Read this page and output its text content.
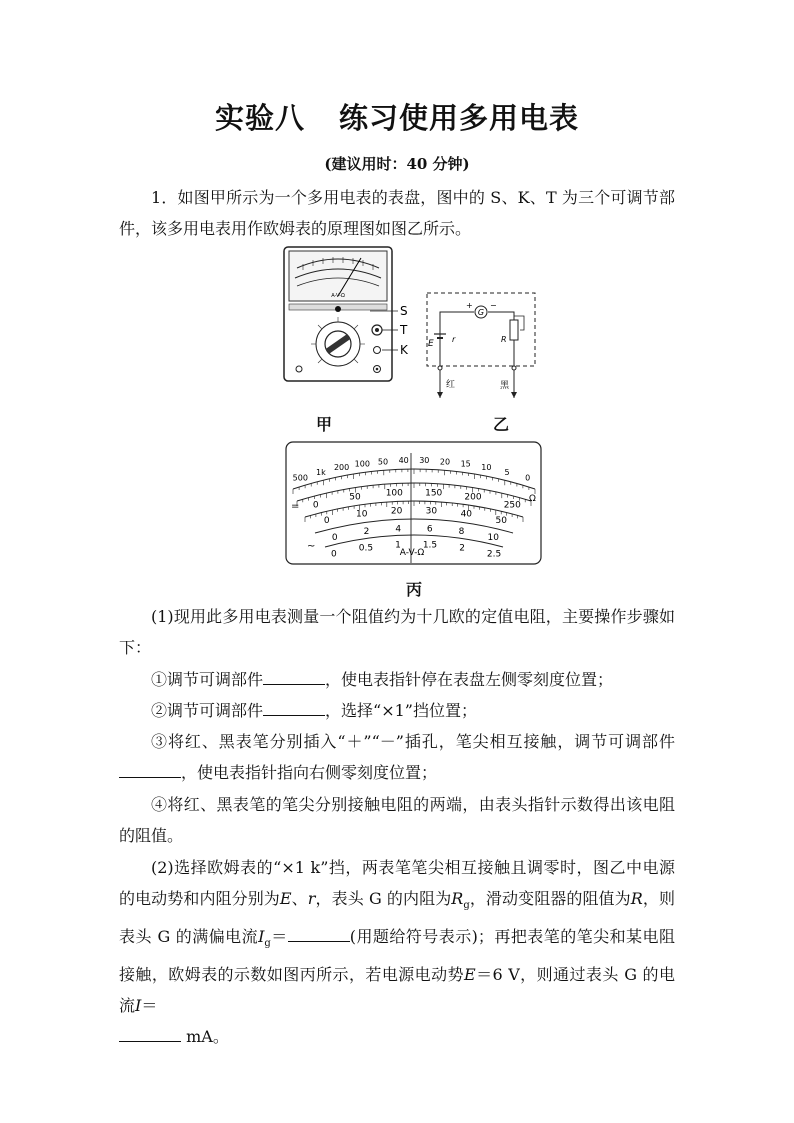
实验八 练习使用多用电表
(建议用时：40 分钟)
1．如图甲所示为一个多用电表的表盘，图中的 S、K、T 为三个可调节部件，该多用电表用作欧姆表的原理图如图乙所示。
A-V-Ω
S
T
K
G
+ −
E r	R
红	黑
甲	乙
500
1k
200 100 50 40 30 20 15 10
5
0
0
50	100 150 200
250
0
10	20	30	40
50
0
2	4	6	8
10
0
0.5 1 1.5 2
2.5
Ω
=
~
A-V-Ω
丙
(1)现用此多用电表测量一个阻值约为十几欧的定值电阻，主要操作步骤如下：
①调节可调部件	，使电表指针停在表盘左侧零刻度位置；
②调节可调部件	，选择“×1”挡位置；
③将红、黑表笔分别插入“＋”“－”插孔，笔尖相互接触，调节可调部件，使电表指针指向右侧零刻度位置；
④将红、黑表笔的笔尖分别接触电阻的两端，由表头指针示数得出该电阻的阻值。
(2)选择欧姆表的“×1 k”挡，两表笔笔尖相互接触且调零时，图乙中电源的电动势和内阻分别为E、r，表头 G 的内阻为$R_g$，滑动变阻器的阻值为R，则表头 G 的满偏电流$I_g=$	(用题给符号表示)；再把表笔的笔尖和某电阻接触，欧姆表的示数如图丙所示，若电源电动势E＝6 V，则通过表头 G 的电流I＝
mA。
